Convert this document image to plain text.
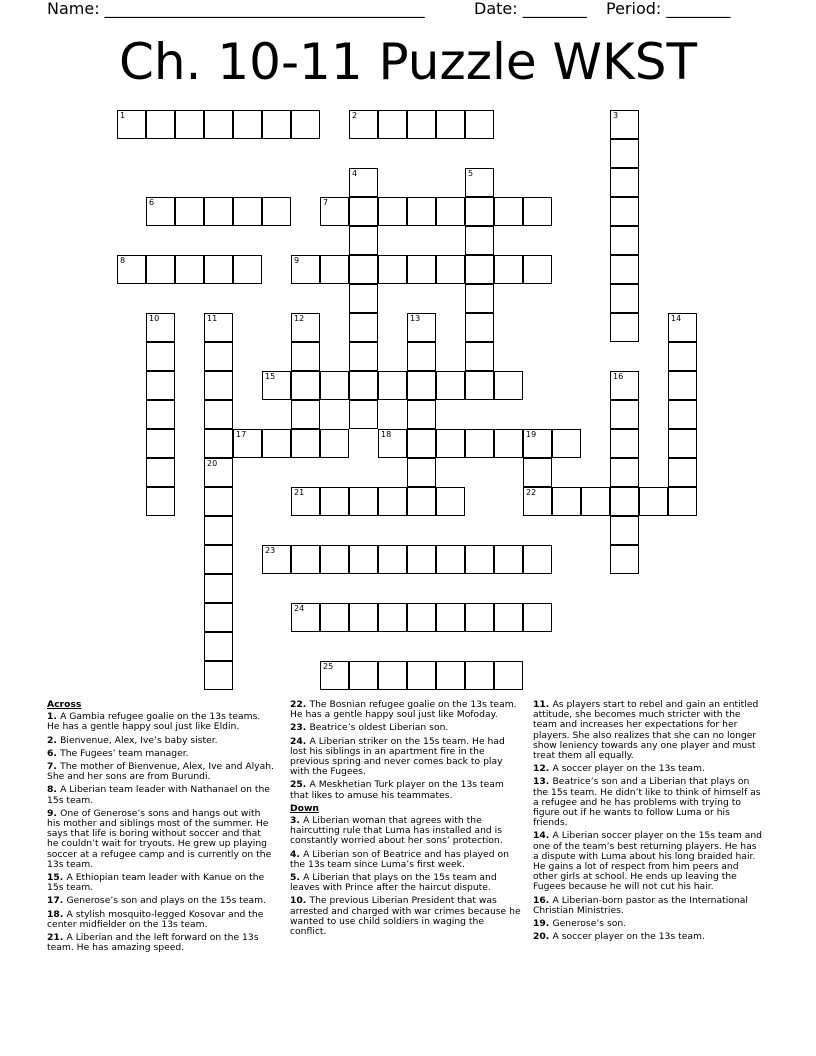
Name: ________________________________________	Date: ________ Period: ________
Ch. 10-11 Puzzle WKST
1	2
6	7
8	9
15
17	18	19
21	22
23
24
25
3
4	5
10	11	12	13	14
16
20
Across
1. A Gambia refugee goalie on the 13s teams. He has a gentle happy soul just like Eldin.
2. Bienvenue, Alex, Ive’s baby sister.
6. The Fugees’ team manager.
7. The mother of Bienvenue, Alex, Ive and Alyah. She and her sons are from Burundi.
8. A Liberian team leader with Nathanael on the 15s team.
9. One of Generose’s sons and hangs out with his mother and siblings most of the summer. He says that life is boring without soccer and that he couldn’t wait for tryouts. He grew up playing soccer at a refugee camp and is currently on the 13s team.
15. A Ethiopian team leader with Kanue on the 15s team.
17. Generose’s son and plays on the 15s team.
18. A stylish mosquito-legged Kosovar and the center midfielder on the 13s team.
21. A Liberian and the left forward on the 13s team. He has amazing speed.
22. The Bosnian refugee goalie on the 13s team. He has a gentle happy soul just like Mofoday.
23. Beatrice’s oldest Liberian son.
24. A Liberian striker on the 15s team. He had lost his siblings in an apartment fire in the previous spring and never comes back to play with the Fugees.
25. A Meskhetian Turk player on the 13s team that likes to amuse his teammates.
Down
3. A Liberian woman that agrees with the haircutting rule that Luma has installed and is constantly worried about her sons’ protection.
4. A Liberian son of Beatrice and has played on the 13s team since Luma’s first week.
5. A Liberian that plays on the 15s team and leaves with Prince after the haircut dispute.
10. The previous Liberian President that was arrested and charged with war crimes because he wanted to use child soldiers in waging the conflict.
11. As players start to rebel and gain an entitled attitude, she becomes much stricter with the team and increases her expectations for her players. She also realizes that she can no longer show leniency towards any one player and must treat them all equally.
12. A soccer player on the 13s team.
13. Beatrice’s son and a Liberian that plays on the 15s team. He didn’t like to think of himself as a refugee and he has problems with trying to figure out if he wants to follow Luma or his friends.
14. A Liberian soccer player on the 15s team and one of the team’s best returning players. He has a dispute with Luma about his long braided hair. He gains a lot of respect from him peers and other girls at school. He ends up leaving the Fugees because he will not cut his hair.
16. A Liberian-born pastor as the International Christian Ministries.
19. Generose’s son.
20. A soccer player on the 13s team.
